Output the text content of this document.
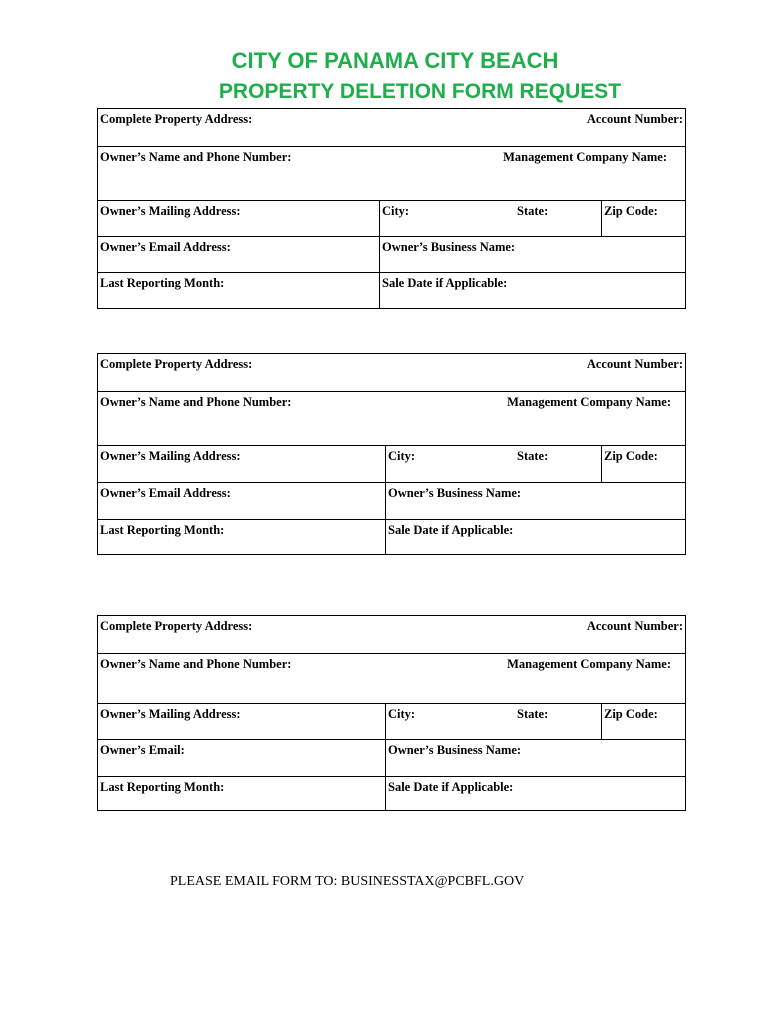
CITY OF PANAMA CITY BEACH
PROPERTY DELETION FORM REQUEST
Complete Property Address:	Account Number:
Owner’s Name and Phone Number:	Management Company Name:
Owner’s Mailing Address:	City:	State:	Zip Code:
Owner’s Email Address:	Owner’s Business Name:
Last Reporting Month:	Sale Date if Applicable:
Complete Property Address:	Account Number:
Owner’s Name and Phone Number:	Management Company Name:
Owner’s Mailing Address:	City:	State:	Zip Code:
Owner’s Email Address:	Owner’s Business Name:
Last Reporting Month:	Sale Date if Applicable:
Complete Property Address:	Account Number:
Owner’s Name and Phone Number:	Management Company Name:
Owner’s Mailing Address:	City:	State:	Zip Code:
Owner’s Email:	Owner’s Business Name:
Last Reporting Month:	Sale Date if Applicable:
PLEASE EMAIL FORM TO: BUSINESSTAX@PCBFL.GOV
